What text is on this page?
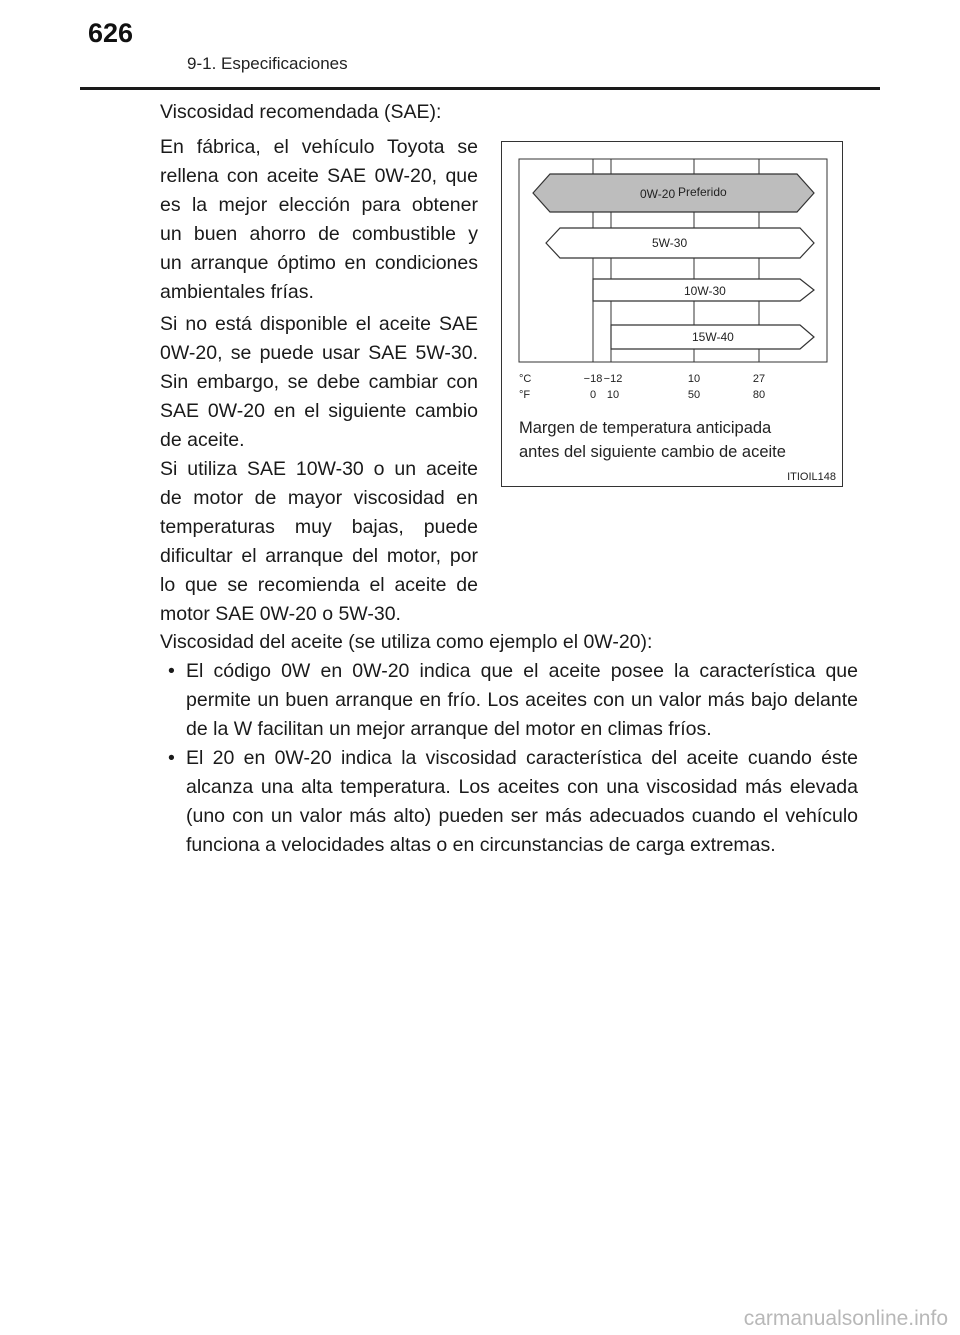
626
9-1. Especificaciones
Viscosidad recomendada (SAE):
En fábrica, el vehículo Toyota se
rellena con aceite SAE 0W-20, que
es la mejor elección para obtener
un buen ahorro de combustible y
un arranque óptimo en condiciones
ambientales frías.
Si no está disponible el aceite SAE
0W-20, se puede usar SAE 5W-30.
Sin embargo, se debe cambiar con
SAE 0W-20 en el siguiente cambio
de aceite.
Si utiliza SAE 10W-30 o un aceite
de motor de mayor viscosidad en
temperaturas muy bajas, puede
dificultar el arranque del motor, por
lo que se recomienda el aceite de
motor SAE 0W-20 o 5W-30.
Viscosidad del aceite (se utiliza como ejemplo el 0W-20):
• El código 0W en 0W-20 indica que el aceite posee la característica que permite un buen arranque en frío. Los aceites con un valor más bajo delante de la W facilitan un mejor arranque del motor en climas fríos.
• El 20 en 0W-20 indica la viscosidad característica del aceite cuando éste alcanza una alta temperatura. Los aceites con una viscosidad más elevada (uno con un valor más alto) pueden ser más adecuados cuando el vehículo funciona a velocidades altas o en circunstancias de carga extremas.
0W-20 Preferido
5W-30
10W-30
15W-40
°C
°F
−18 −12	10	27
0 10	50	80
Margen de temperatura anticipada
antes del siguiente cambio de aceite
ITIOIL148
carmanualsonline.info
